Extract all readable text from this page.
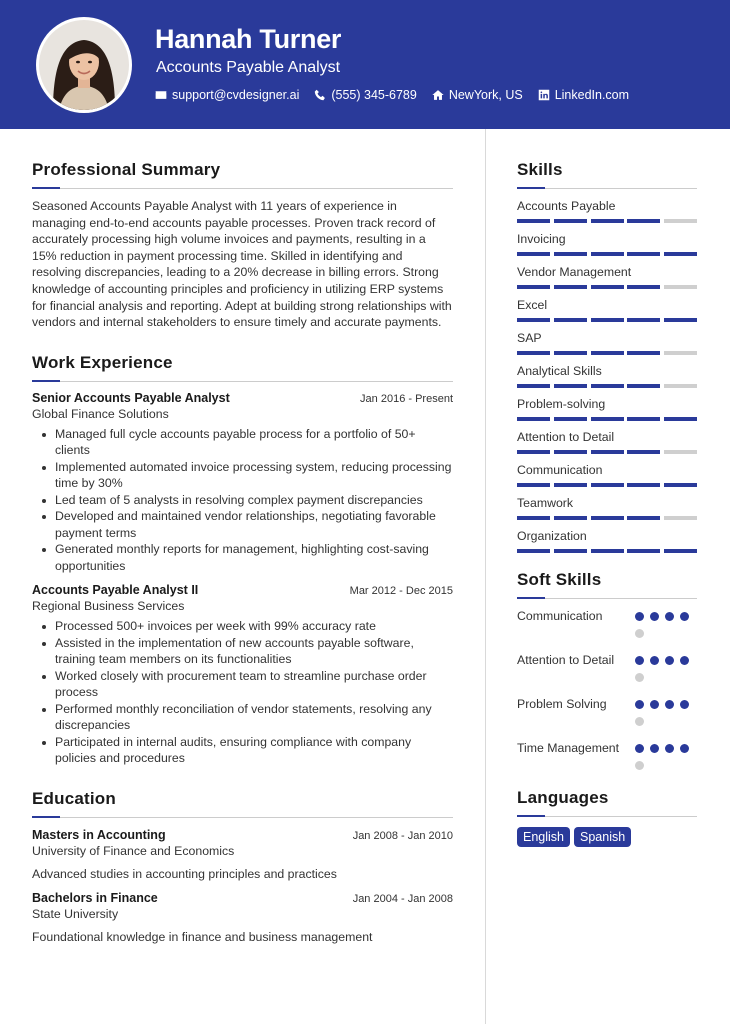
Hannah Turner
Accounts Payable Analyst
support@cvdesigner.ai	(555) 345-6789	NewYork, US	LinkedIn.com
Professional Summary

Seasoned Accounts Payable Analyst with 11 years of experience in managing end-to-end accounts payable processes. Proven track record of accurately processing high volume invoices and payments, resulting in a 15% reduction in payment processing time. Skilled in identifying and resolving discrepancies, leading to a 20% decrease in billing errors. Strong knowledge of accounting principles and proficiency in utilizing ERP systems for financial analysis and reporting. Adept at building strong relationships with vendors and internal stakeholders to ensure timely and accurate payments.

Work Experience
Senior Accounts Payable Analyst	Jan 2016 - Present
Global Finance Solutions
Managed full cycle accounts payable process for a portfolio of 50+ clients
Implemented automated invoice processing system, reducing processing time by 30%
Led team of 5 analysts in resolving complex payment discrepancies
Developed and maintained vendor relationships, negotiating favorable payment terms
Generated monthly reports for management, highlighting cost-saving opportunities
Accounts Payable Analyst II	Mar 2012 - Dec 2015
Regional Business Services
Processed 500+ invoices per week with 99% accuracy rate
Assisted in the implementation of new accounts payable software, training team members on its functionalities
Worked closely with procurement team to streamline purchase order process
Performed monthly reconciliation of vendor statements, resolving any discrepancies
Participated in internal audits, ensuring compliance with company policies and procedures
Education
Masters in Accounting	Jan 2008 - Jan 2010
University of Finance and Economics
Advanced studies in accounting principles and practices
Bachelors in Finance	Jan 2004 - Jan 2008
State University
Foundational knowledge in finance and business management
Skills
Accounts Payable
Invoicing
Vendor Management
Excel
SAP
Analytical Skills
Problem-solving
Attention to Detail
Communication
Teamwork
Organization
Soft Skills
Communication
Attention to Detail
Problem Solving
Time Management
Languages
English	Spanish
